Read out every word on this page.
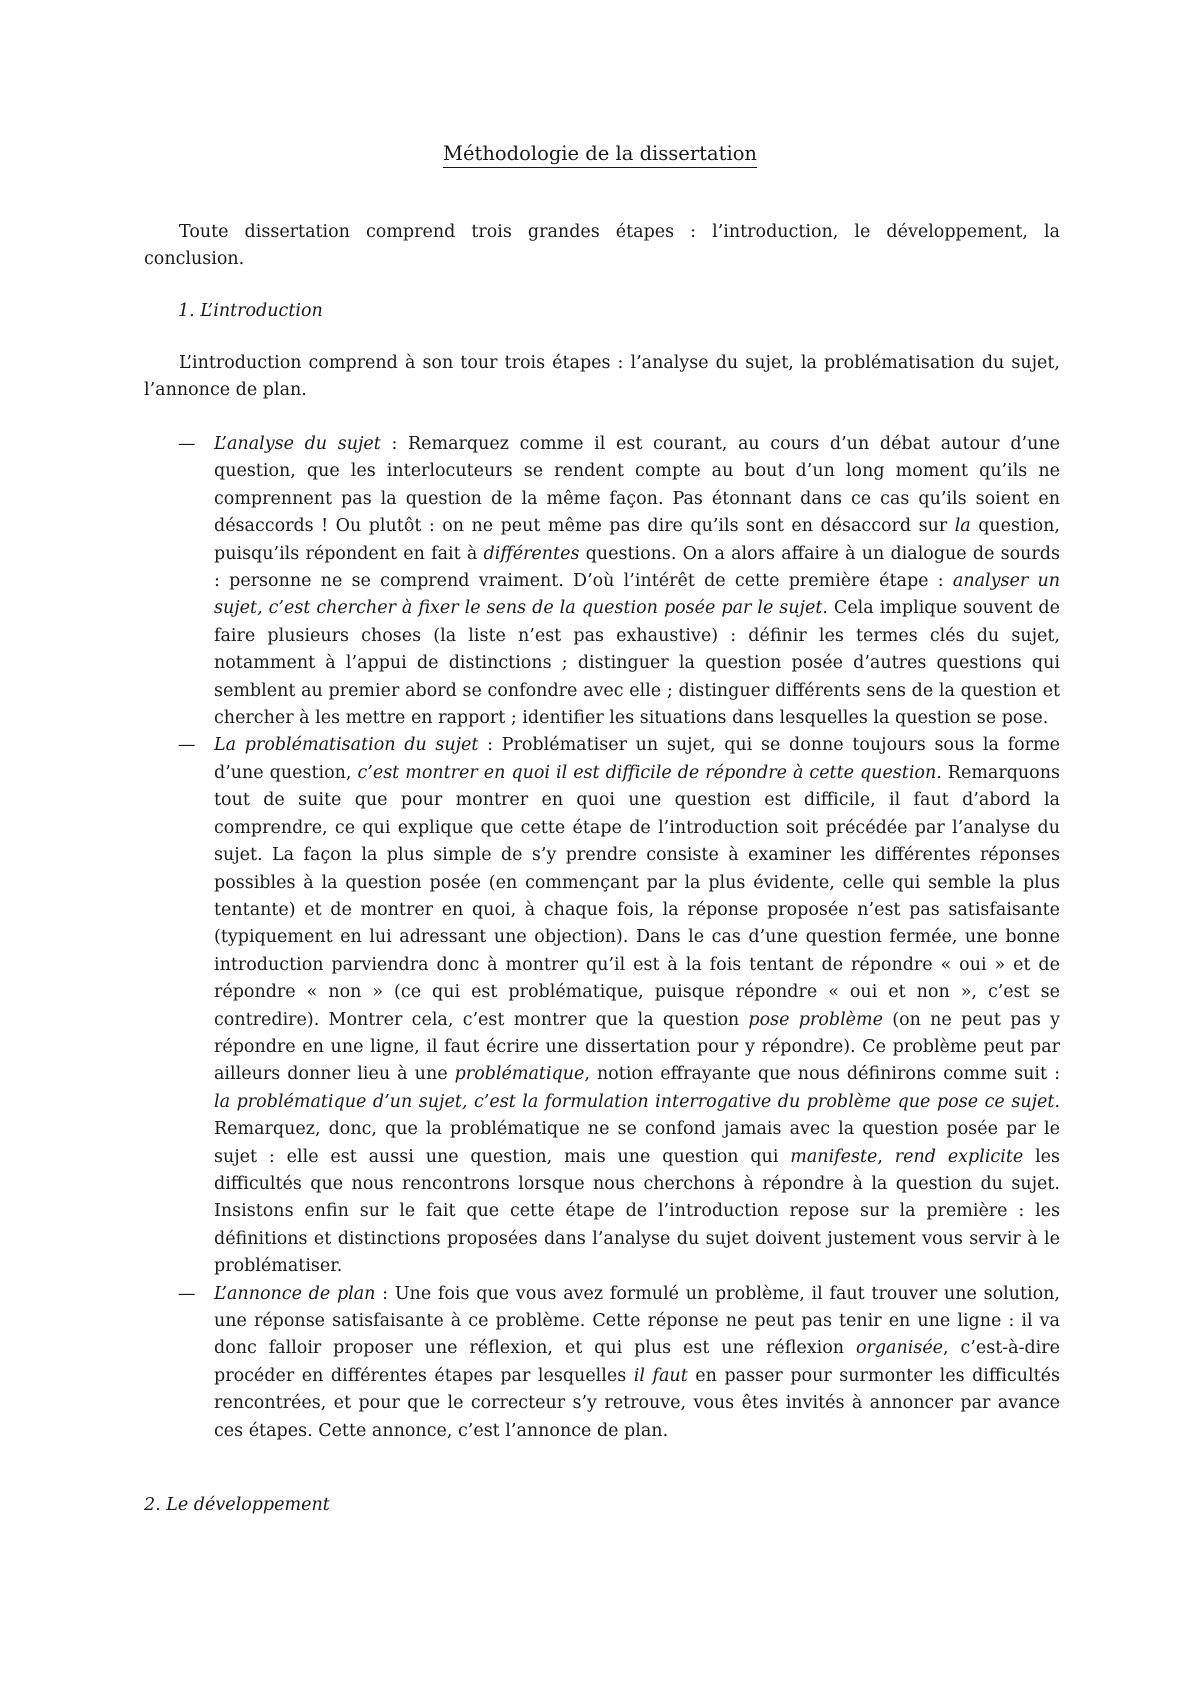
Méthodologie de la dissertation

Toute dissertation comprend trois grandes étapes : l’introduction, le développement, la conclusion.

1. L’introduction

L’introduction comprend à son tour trois étapes : l’analyse du sujet, la problématisation du sujet, l’annonce de plan.

— L’analyse du sujet : Remarquez comme il est courant, au cours d’un débat autour d’une question, que les interlocuteurs se rendent compte au bout d’un long moment qu’ils ne comprennent pas la question de la même façon. Pas étonnant dans ce cas qu’ils soient en désaccords ! Ou plutôt : on ne peut même pas dire qu’ils sont en désaccord sur la question, puisqu’ils répondent en fait à différentes questions. On a alors affaire à un dialogue de sourds : personne ne se comprend vraiment. D’où l’intérêt de cette première étape : analyser un sujet, c’est chercher à fixer le sens de la question posée par le sujet. Cela implique souvent de faire plusieurs choses (la liste n’est pas exhaustive) : définir les termes clés du sujet, notamment à l’appui de distinctions ; distinguer la question posée d’autres questions qui semblent au premier abord se confondre avec elle ; distinguer différents sens de la question et chercher à les mettre en rapport ; identifier les situations dans lesquelles la question se pose.
— La problématisation du sujet : Problématiser un sujet, qui se donne toujours sous la forme d’une question, c’est montrer en quoi il est difficile de répondre à cette question. Remarquons tout de suite que pour montrer en quoi une question est difficile, il faut d’abord la comprendre, ce qui explique que cette étape de l’introduction soit précédée par l’analyse du sujet. La façon la plus simple de s’y prendre consiste à examiner les différentes réponses possibles à la question posée (en commençant par la plus évidente, celle qui semble la plus tentante) et de montrer en quoi, à chaque fois, la réponse proposée n’est pas satisfaisante (typiquement en lui adressant une objection). Dans le cas d’une question fermée, une bonne introduction parviendra donc à montrer qu’il est à la fois tentant de répondre « oui » et de répondre « non » (ce qui est problématique, puisque répondre « oui et non », c’est se contredire). Montrer cela, c’est montrer que la question pose problème (on ne peut pas y répondre en une ligne, il faut écrire une dissertation pour y répondre). Ce problème peut par ailleurs donner lieu à une problématique, notion effrayante que nous définirons comme suit : la problématique d’un sujet, c’est la formulation interrogative du problème que pose ce sujet. Remarquez, donc, que la problématique ne se confond jamais avec la question posée par le sujet : elle est aussi une question, mais une question qui manifeste, rend explicite les difficultés que nous rencontrons lorsque nous cherchons à répondre à la question du sujet. Insistons enfin sur le fait que cette étape de l’introduction repose sur la première : les définitions et distinctions proposées dans l’analyse du sujet doivent justement vous servir à le problématiser.
— L’annonce de plan : Une fois que vous avez formulé un problème, il faut trouver une solution, une réponse satisfaisante à ce problème. Cette réponse ne peut pas tenir en une ligne : il va donc falloir proposer une réflexion, et qui plus est une réflexion organisée, c’est-à-dire procéder en différentes étapes par lesquelles il faut en passer pour surmonter les difficultés rencontrées, et pour que le correcteur s’y retrouve, vous êtes invités à annoncer par avance ces étapes. Cette annonce, c’est l’annonce de plan.
2. Le développement
